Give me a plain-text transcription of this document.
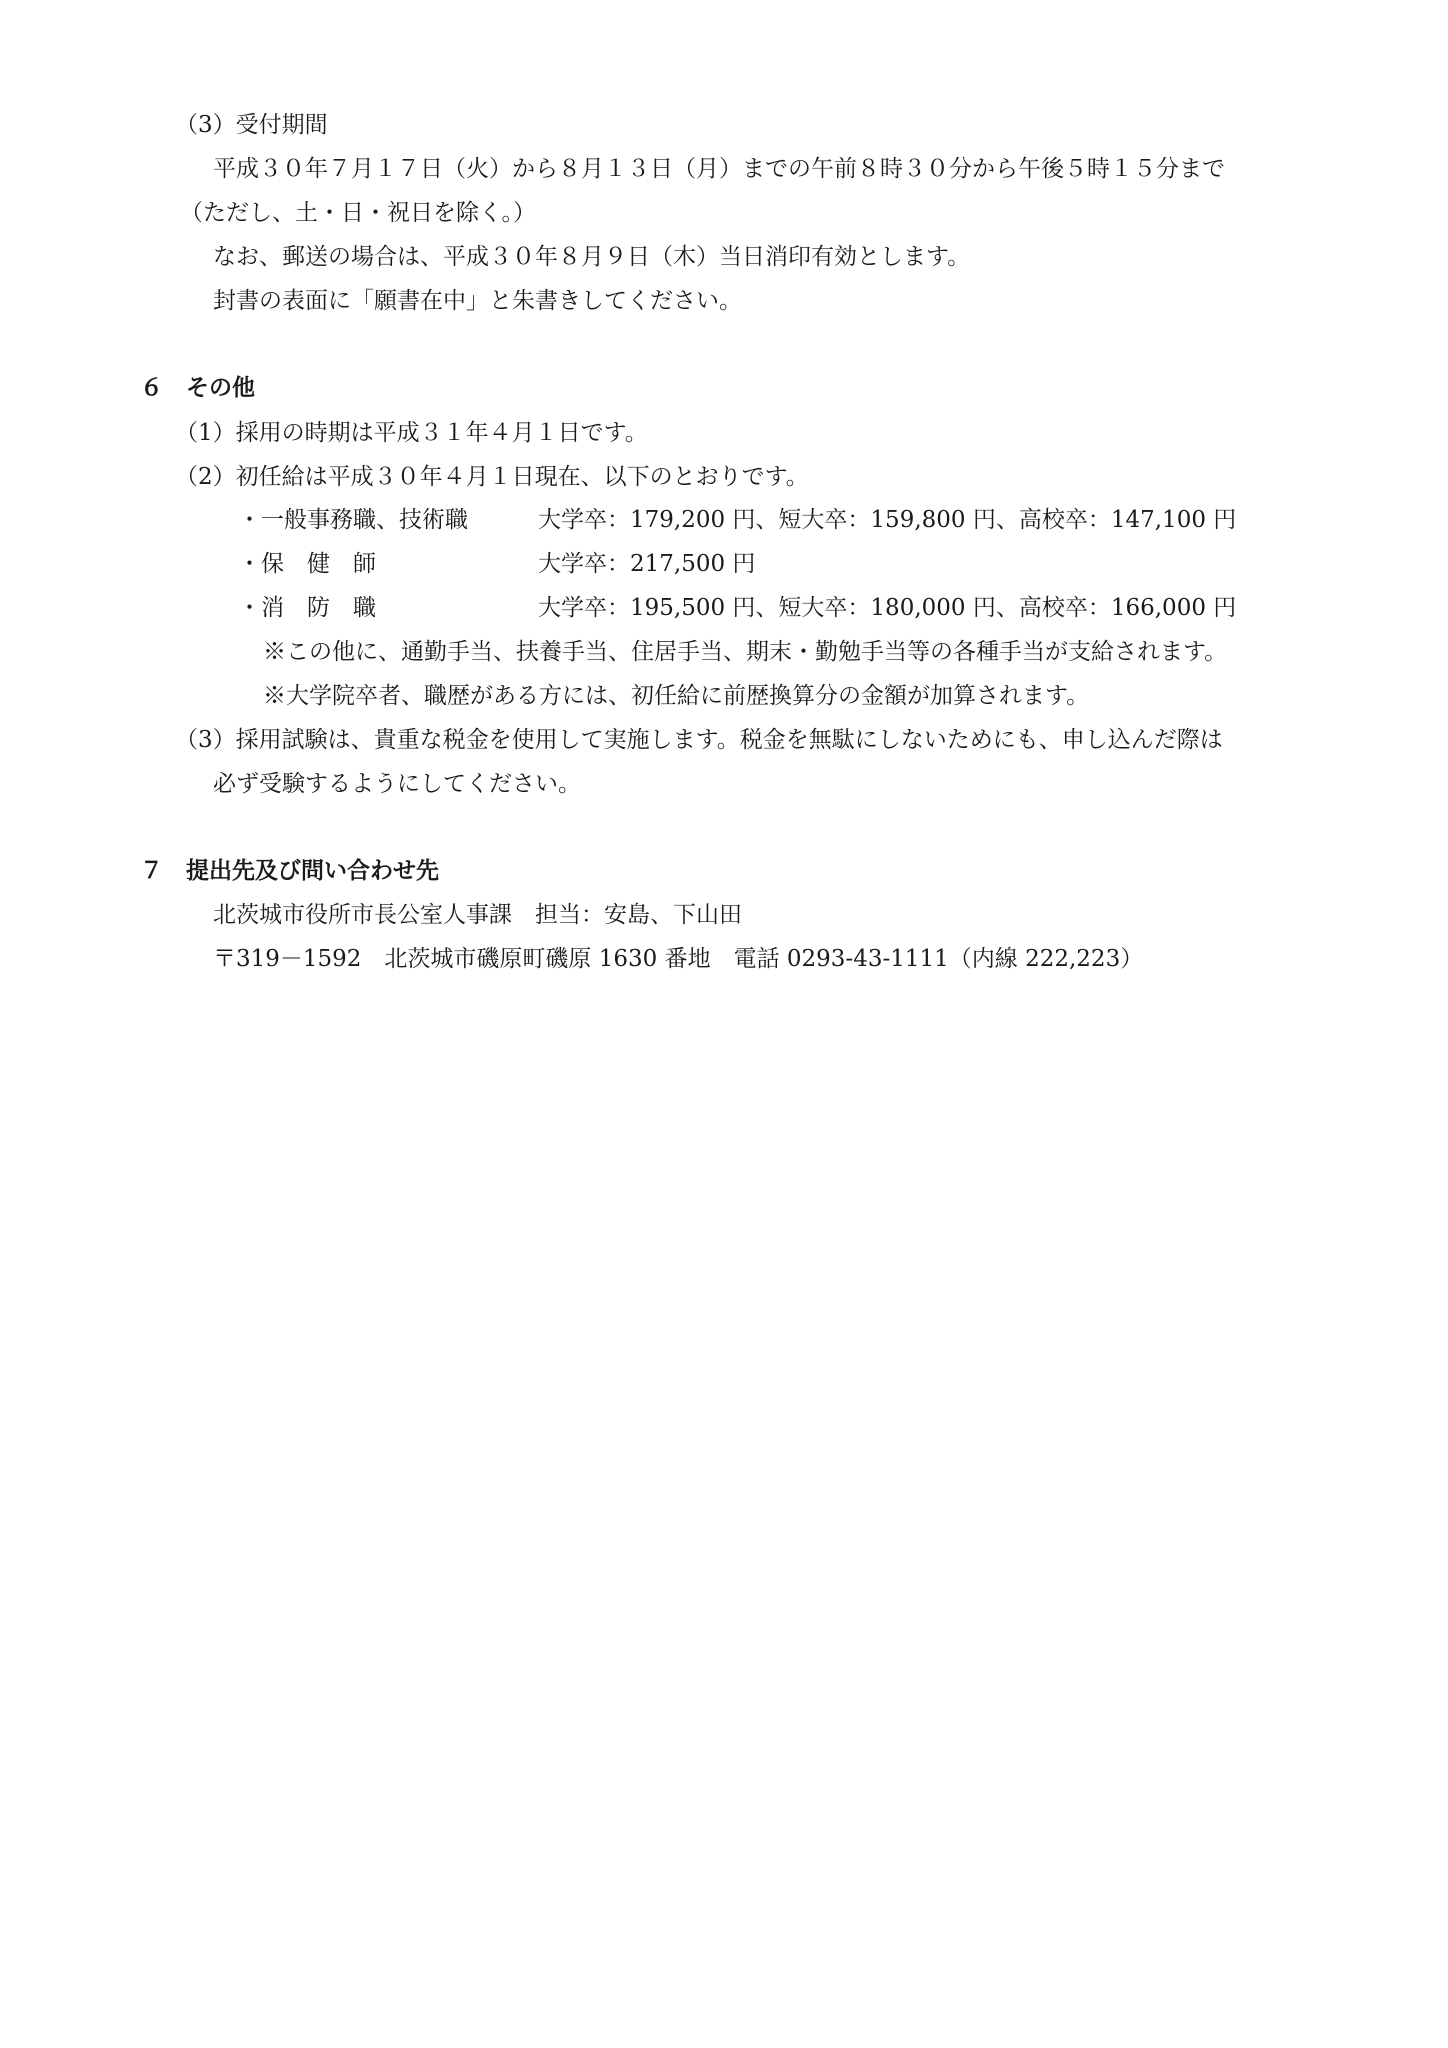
（3）受付期間
平成３０年７月１７日（火）から８月１３日（月）までの午前８時３０分から午後５時１５分まで
（ただし、土・日・祝日を除く。）
なお、郵送の場合は、平成３０年８月９日（木）当日消印有効とします。
封書の表面に「願書在中」と朱書きしてください。
６　その他
（1）採用の時期は平成３１年４月１日です。
（2）初任給は平成３０年４月１日現在、以下のとおりです。
・一般事務職、技術職	大学卒：179,200 円、短大卒：159,800 円、高校卒：147,100 円
・保　健　師	大学卒：217,500 円
・消　防　職	大学卒：195,500 円、短大卒：180,000 円、高校卒：166,000 円
※この他に、通勤手当、扶養手当、住居手当、期末・勤勉手当等の各種手当が支給されます。
※大学院卒者、職歴がある方には、初任給に前歴換算分の金額が加算されます。
（3）採用試験は、貴重な税金を使用して実施します。税金を無駄にしないためにも、申し込んだ際は
必ず受験するようにしてください。
７　提出先及び問い合わせ先
北茨城市役所市長公室人事課　担当：安島、下山田
〒319－1592　北茨城市磯原町磯原 1630 番地　電話 0293-43-1111（内線 222,223）
